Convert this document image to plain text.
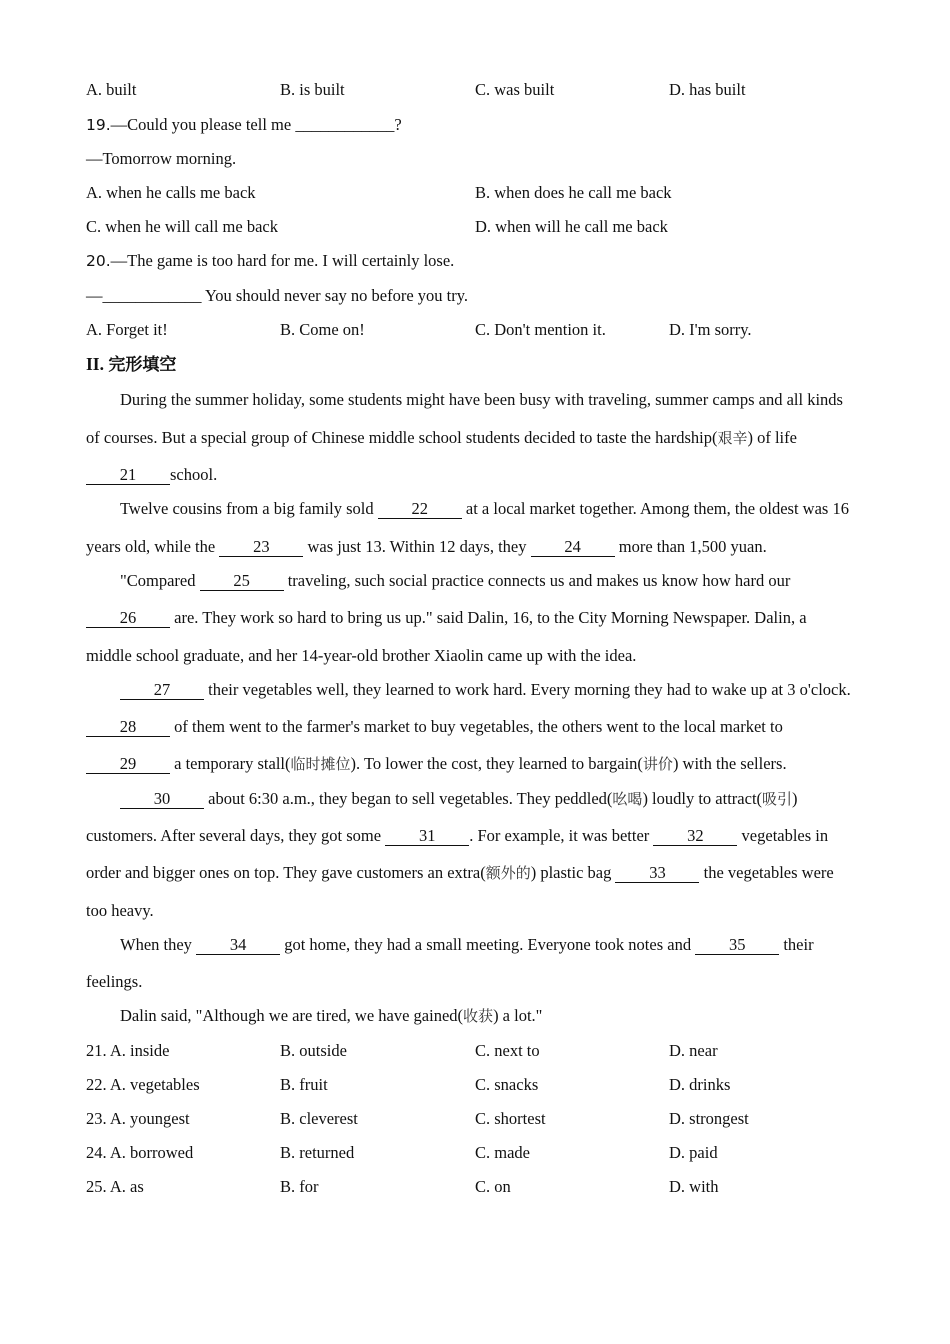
A. built	B. is built	C. was built	D. has built
19.—Could you please tell me ____________?
—Tomorrow morning.
A. when he calls me back	B. when does he call me back
C. when he will call me back	D. when will he call me back
20.—The game is too hard for me. I will certainly lose.
—____________ You should never say no before you try.
A. Forget it!	B. Come on!	C. Don't mention it.	D. I'm sorry.
II. 完形填空
During the summer holiday, some students might have been busy with traveling, summer camps and all kinds
of courses. But a special group of Chinese middle school students decided to taste the hardship(艰辛) of life
21 school.
Twelve cousins from a big family sold 22 at a local market together. Among them, the oldest was 16
years old, while the 23 was just 13. Within 12 days, they 24 more than 1,500 yuan.
"Compared 25 traveling, such social practice connects us and makes us know how hard our
26 are. They work so hard to bring us up." said Dalin, 16, to the City Morning Newspaper. Dalin, a
middle school graduate, and her 14-year-old brother Xiaolin came up with the idea.
27 their vegetables well, they learned to work hard. Every morning they had to wake up at 3 o'clock.
28 of them went to the farmer's market to buy vegetables, the others went to the local market to
29 a temporary stall(临时摊位). To lower the cost, they learned to bargain(讲价) with the sellers.
30 about 6:30 a.m., they began to sell vegetables. They peddled(吆喝) loudly to attract(吸引)
customers. After several days, they got some 31 . For example, it was better 32 vegetables in
order and bigger ones on top. They gave customers an extra(额外的) plastic bag 33 the vegetables were
too heavy.
When they 34 got home, they had a small meeting. Everyone took notes and 35 their
feelings.
Dalin said, "Although we are tired, we have gained(收获) a lot."
21. A. inside	B. outside	C. next to	D. near
22. A. vegetables	B. fruit	C. snacks	D. drinks
23. A. youngest	B. cleverest	C. shortest	D. strongest
24. A. borrowed	B. returned	C. made	D. paid
25. A. as	B. for	C. on	D. with
